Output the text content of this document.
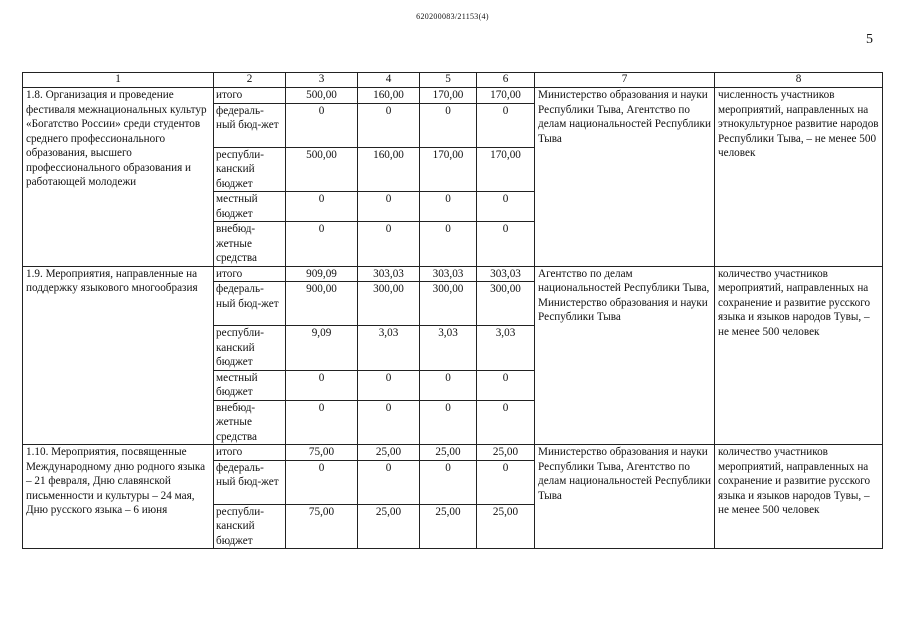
620200083/21153(4)
5
1	2	3	4	5	6	7	8
1.8. Организация и проведение фестиваля межнациональных культур «Богатство России» среди студентов среднего профессионального образования, высшего профессионального образования и работающей молодежи	итого	500,00	160,00	170,00	170,00	Министерство образования и науки Республики Тыва, Агентство по делам национальностей Республики Тыва	численность участников мероприятий, направленных на этнокультурное развитие народов Республики Тыва, – не менее 500 человек
	федераль-ный бюд-жет	0	0	0	0		
	республи-канский бюджет	500,00	160,00	170,00	170,00		
	местный бюджет	0	0	0	0		
	внебюд-жетные средства	0	0	0	0		
1.9. Мероприятия, направленные на поддержку языкового многообразия	итого	909,09	303,03	303,03	303,03	Агентство по делам национальностей Республики Тыва, Министерство образования и науки Республики Тыва	количество участников мероприятий, направленных на сохранение и развитие русского языка и языков народов Тувы, – не менее 500 человек
	федераль-ный бюд-жет	900,00	300,00	300,00	300,00		
	республи-канский бюджет	9,09	3,03	3,03	3,03		
	местный бюджет	0	0	0	0		
	внебюд-жетные средства	0	0	0	0		
1.10. Мероприятия, посвященные Международному дню родного языка – 21 февраля, Дню славянской письменности и культуры – 24 мая, Дню русского языка – 6 июня	итого	75,00	25,00	25,00	25,00	Министерство образования и науки Республики Тыва, Агентство по делам национальностей Республики Тыва	количество участников мероприятий, направленных на сохранение и развитие русского языка и языков народов Тувы, – не менее 500 человек
	федераль-ный бюд-жет	0	0	0	0		
	республи-канский бюджет	75,00	25,00	25,00	25,00		
